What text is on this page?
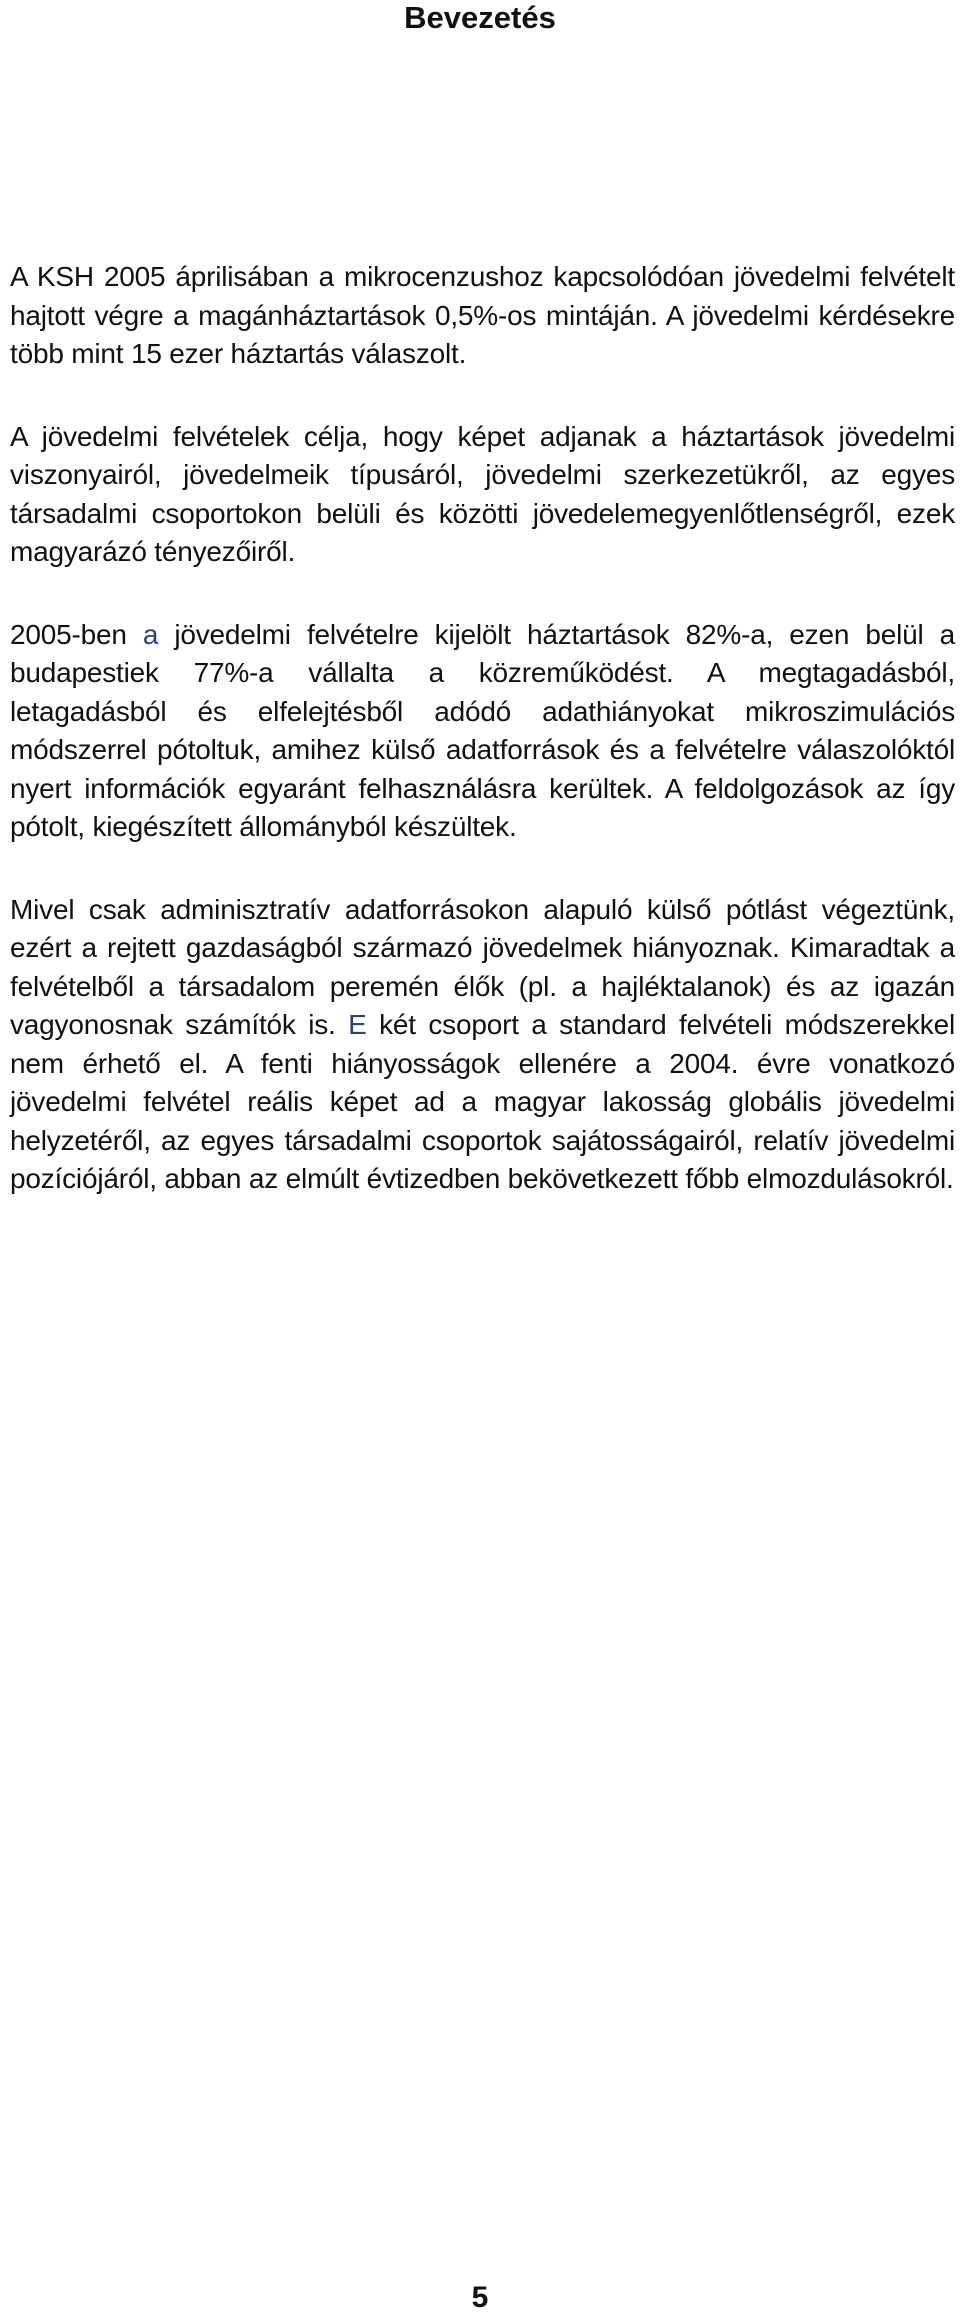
Bevezetés

A KSH 2005 áprilisában a mikrocenzushoz kapcsolódóan jövedelmi felvételt hajtott végre a magánháztartások 0,5%-os mintáján. A jövedelmi kérdésekre több mint 15 ezer háztartás válaszolt.

A jövedelmi felvételek célja, hogy képet adjanak a háztartások jövedelmi viszonyairól, jövedelmeik típusáról, jövedelmi szerkezetükről, az egyes társadalmi csoportokon belüli és közötti jövedelemegyenlőtlenségről, ezek magyarázó tényezőiről.

2005-ben a jövedelmi felvételre kijelölt háztartások 82%-a, ezen belül a budapestiek 77%-a vállalta a közreműködést. A megtagadásból, letagadásból és elfelejtésből adódó adathiányokat mikroszimulációs módszerrel pótoltuk, amihez külső adatforrások és a felvételre válaszolóktól nyert információk egyaránt felhasználásra kerültek. A feldolgozások az így pótolt, kiegészített állományból készültek.

Mivel csak adminisztratív adatforrásokon alapuló külső pótlást végeztünk, ezért a rejtett gazdaságból származó jövedelmek hiányoznak. Kimaradtak a felvételből a társadalom peremén élők (pl. a hajléktalanok) és az igazán vagyonosnak számítók is. E két csoport a standard felvételi módszerekkel nem érhető el. A fenti hiányosságok ellenére a 2004. évre vonatkozó jövedelmi felvétel reális képet ad a magyar lakosság globális jövedelmi helyzetéről, az egyes társadalmi csoportok sajátosságairól, relatív jövedelmi pozíciójáról, abban az elmúlt évtizedben bekövetkezett főbb elmozdulásokról.

5
